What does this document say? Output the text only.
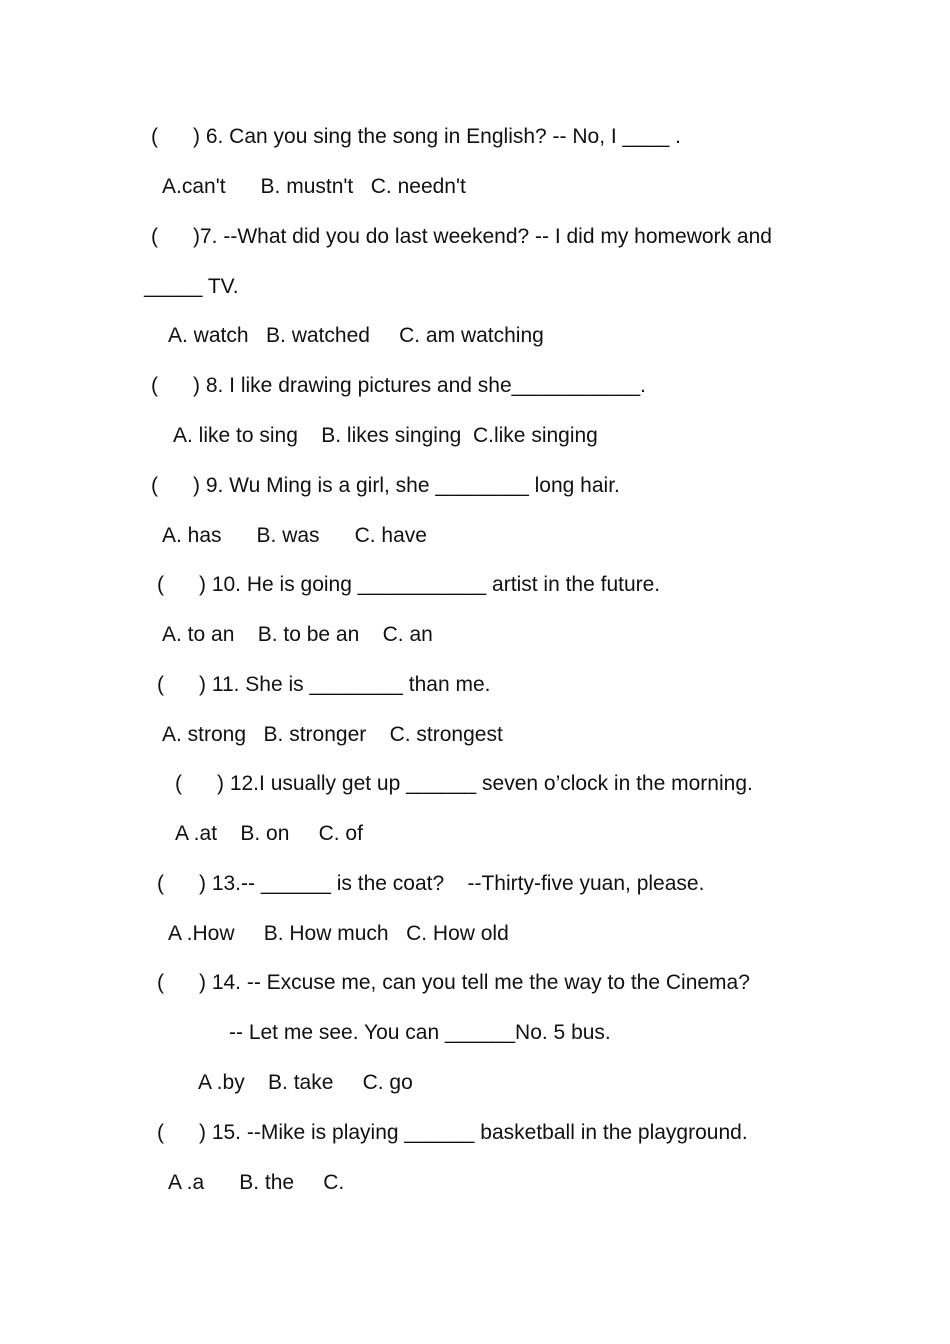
(      ) 6. Can you sing the song in English? -- No, I ____ .
A.can't      B. mustn't   C. needn't
(      )7. --What did you do last weekend? -- I did my homework and
_____ TV.
A. watch   B. watched     C. am watching
(      ) 8. I like drawing pictures and she___________.
A. like to sing    B. likes singing  C.like singing
(      ) 9. Wu Ming is a girl, she ________ long hair.
A. has      B. was      C. have
(      ) 10. He is going ___________ artist in the future.
A. to an    B. to be an    C. an
(      ) 11. She is ________ than me.
A. strong   B. stronger    C. strongest
(      ) 12.I usually get up ______ seven o’clock in the morning.
A .at    B. on     C. of
(      ) 13.-- ______ is the coat?    --Thirty-five yuan, please.
A .How     B. How much   C. How old
(      ) 14. -- Excuse me, can you tell me the way to the Cinema?
-- Let me see. You can ______No. 5 bus.
A .by    B. take     C. go
(      ) 15. --Mike is playing ______ basketball in the playground.
A .a      B. the     C.
